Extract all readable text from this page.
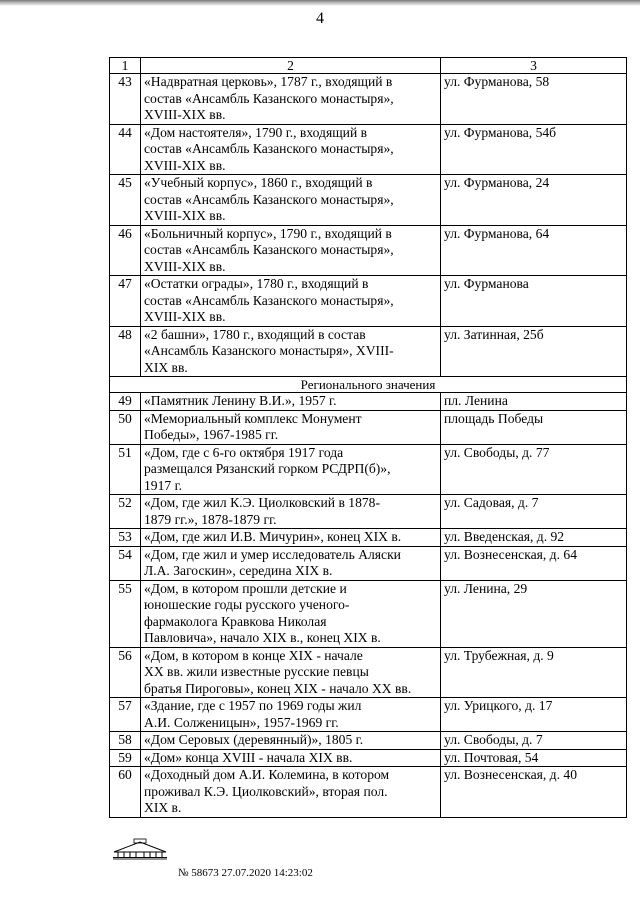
4
1	2	3
43	«Надвратная церковь», 1787 г., входящий в
состав «Ансамбль Казанского монастыря»,
XVIII-XIX вв.	ул. Фурманова, 58
44	«Дом настоятеля», 1790 г., входящий в
состав «Ансамбль Казанского монастыря»,
XVIII-XIX вв.	ул. Фурманова, 54б
45	«Учебный корпус», 1860 г., входящий в
состав «Ансамбль Казанского монастыря»,
XVIII-XIX вв.	ул. Фурманова, 24
46	«Больничный корпус», 1790 г., входящий в
состав «Ансамбль Казанского монастыря»,
XVIII-XIX вв.	ул. Фурманова, 64
47	«Остатки ограды», 1780 г., входящий в
состав «Ансамбль Казанского монастыря»,
XVIII-XIX вв.	ул. Фурманова
48	«2 башни», 1780 г., входящий в состав
«Ансамбль Казанского монастыря», XVIII-
XIX вв.	ул. Затинная, 25б
Регионального значения		
49	«Памятник Ленину В.И.», 1957 г.	пл. Ленина
50	«Мемориальный комплекс Монумент
Победы», 1967-1985 гг.	площадь Победы
51	«Дом, где с 6-го октября 1917 года
размещался Рязанский горком РСДРП(б)»,
1917 г.	ул. Свободы, д. 77
52	«Дом, где жил К.Э. Циолковский в 1878-
1879 гг.», 1878-1879 гг.	ул. Садовая, д. 7
53	«Дом, где жил И.В. Мичурин», конец XIX в.	ул. Введенская, д. 92
54	«Дом, где жил и умер исследователь Аляски
Л.А. Загоскин», середина XIX в.	ул. Вознесенская, д. 64
55	«Дом, в котором прошли детские и
юношеские годы русского ученого-
фармаколога Кравкова Николая
Павловича», начало XIX в., конец XIX в.	ул. Ленина, 29
56	«Дом, в котором в конце XIX - начале
XX вв. жили известные русские певцы
братья Пироговы», конец XIX - начало XX вв.	ул. Трубежная, д. 9
57	«Здание, где с 1957 по 1969 годы жил
А.И. Солженицын», 1957-1969 гг.	ул. Урицкого, д. 17
58	«Дом Серовых (деревянный)», 1805 г.	ул. Свободы, д. 7
59	«Дом» конца XVIII - начала XIX вв.	ул. Почтовая, 54
60	«Доходный дом А.И. Колемина, в котором
проживал К.Э. Циолковский», вторая пол.
XIX в.	ул. Вознесенская, д. 40
№ 58673 27.07.2020 14:23:02
